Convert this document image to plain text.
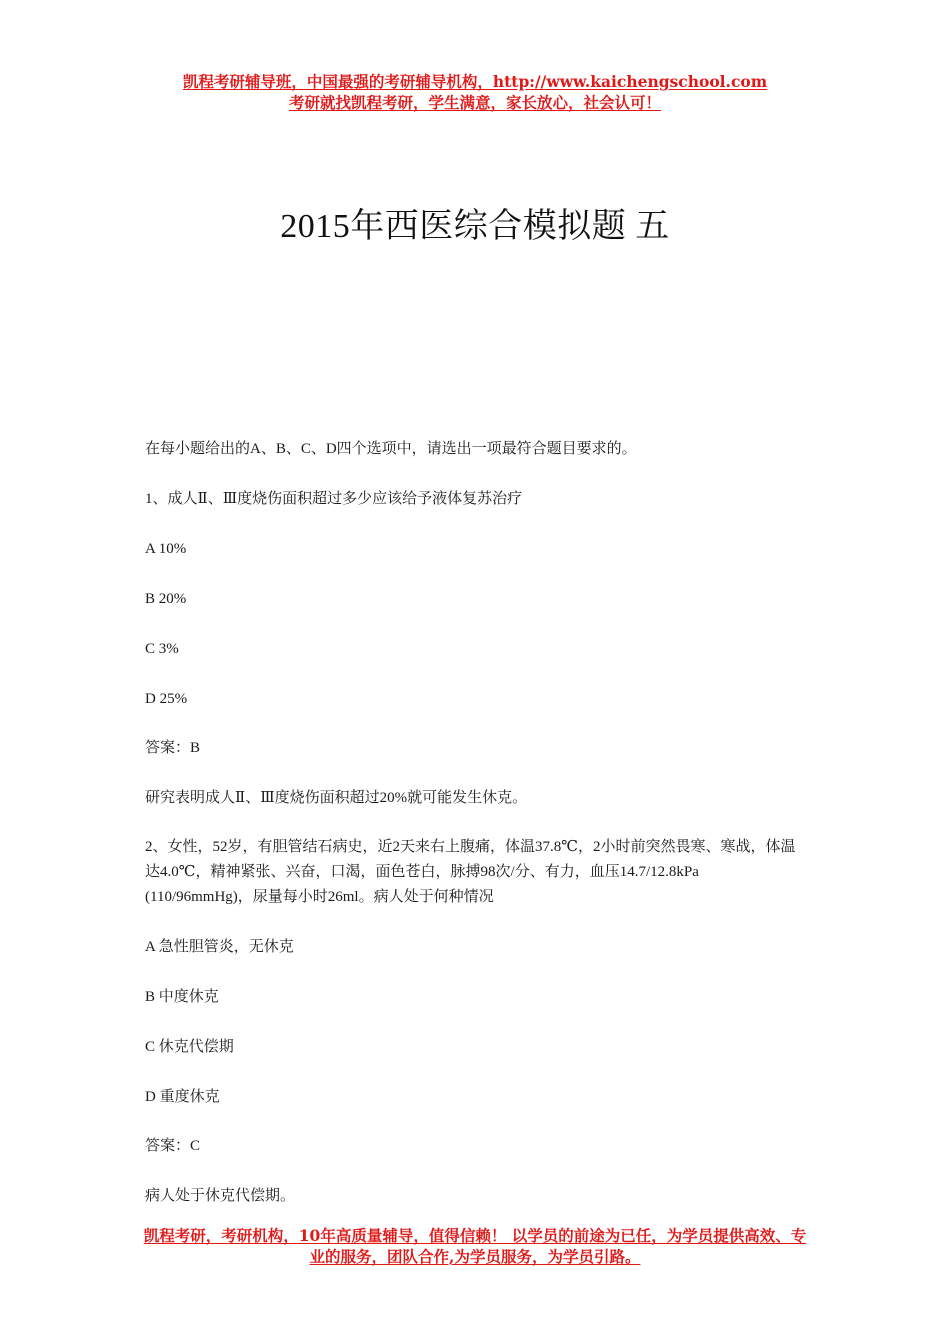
凯程考研辅导班，中国最强的考研辅导机构，http://www.kaichengschool.com
考研就找凯程考研，学生满意，家长放心，社会认可！
2015年西医综合模拟题 五
在每小题给出的A、B、C、D四个选项中，请选出一项最符合题目要求的。
1、成人Ⅱ、Ⅲ度烧伤面积超过多少应该给予液体复苏治疗
A 10%
B 20%
C 3%
D 25%
答案：B
研究表明成人Ⅱ、Ⅲ度烧伤面积超过20%就可能发生休克。
2、女性，52岁，有胆管结石病史，近2天来右上腹痛，体温37.8℃，2小时前突然畏寒、寒战，体温达4.0℃，精神紧张、兴奋，口渴，面色苍白，脉搏98次/分、有力，血压14.7/12.8kPa (110/96mmHg)，尿量每小时26ml。病人处于何种情况
A 急性胆管炎，无休克
B 中度休克
C 休克代偿期
D 重度休克
答案：C
病人处于休克代偿期。
凯程考研，考研机构，10年高质量辅导，值得信赖！ 以学员的前途为已任，为学员提供高效、专业的服务，团队合作,为学员服务，为学员引路。
